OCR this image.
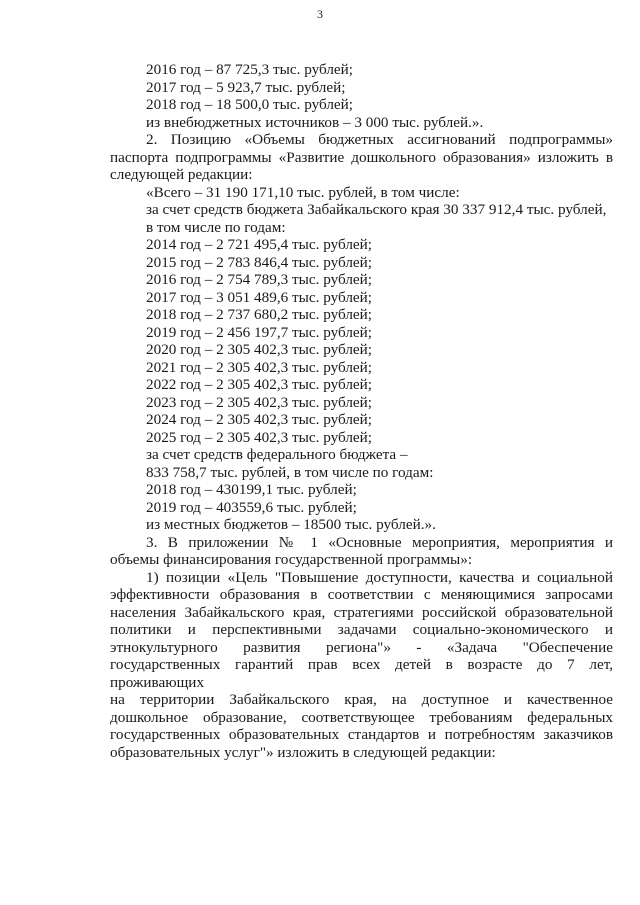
3
2016 год – 87 725,3 тыс. рублей;
2017 год – 5 923,7 тыс. рублей;
2018 год – 18 500,0 тыс. рублей;
из внебюджетных источников – 3 000 тыс. рублей.».
2. Позицию «Объемы бюджетных ассигнований подпрограммы»
паспорта подпрограммы «Развитие дошкольного образования» изложить в
следующей редакции:
«Всего – 31 190 171,10 тыс. рублей, в том числе:
за счет средств бюджета Забайкальского края 30 337 912,4 тыс. рублей,
в том числе по годам:
2014 год – 2 721 495,4 тыс. рублей;
2015 год – 2 783 846,4 тыс. рублей;
2016 год – 2 754 789,3 тыс. рублей;
2017 год – 3 051 489,6 тыс. рублей;
2018 год – 2 737 680,2 тыс. рублей;
2019 год – 2 456 197,7 тыс. рублей;
2020 год – 2 305 402,3 тыс. рублей;
2021 год – 2 305 402,3 тыс. рублей;
2022 год – 2 305 402,3 тыс. рублей;
2023 год – 2 305 402,3 тыс. рублей;
2024 год – 2 305 402,3 тыс. рублей;
2025 год – 2 305 402,3 тыс. рублей;
за счет средств федерального бюджета –
833 758,7 тыс. рублей, в том числе по годам:
2018 год – 430199,1 тыс. рублей;
2019 год – 403559,6 тыс. рублей;
из местных бюджетов – 18500 тыс. рублей.».
3. В приложении № 1 «Основные мероприятия, мероприятия и
объемы финансирования государственной программы»:
1) позиции «Цель "Повышение доступности, качества и социальной
эффективности образования в соответствии с меняющимися запросами
населения Забайкальского края, стратегиями российской образовательной
политики и перспективными задачами социально-экономического и
этнокультурного развития региона"» - «Задача "Обеспечение
государственных гарантий прав всех детей в возрасте до 7 лет, проживающих
на территории Забайкальского края, на доступное и качественное
дошкольное образование, соответствующее требованиям федеральных
государственных образовательных стандартов и потребностям заказчиков
образовательных услуг"» изложить в следующей редакции:
